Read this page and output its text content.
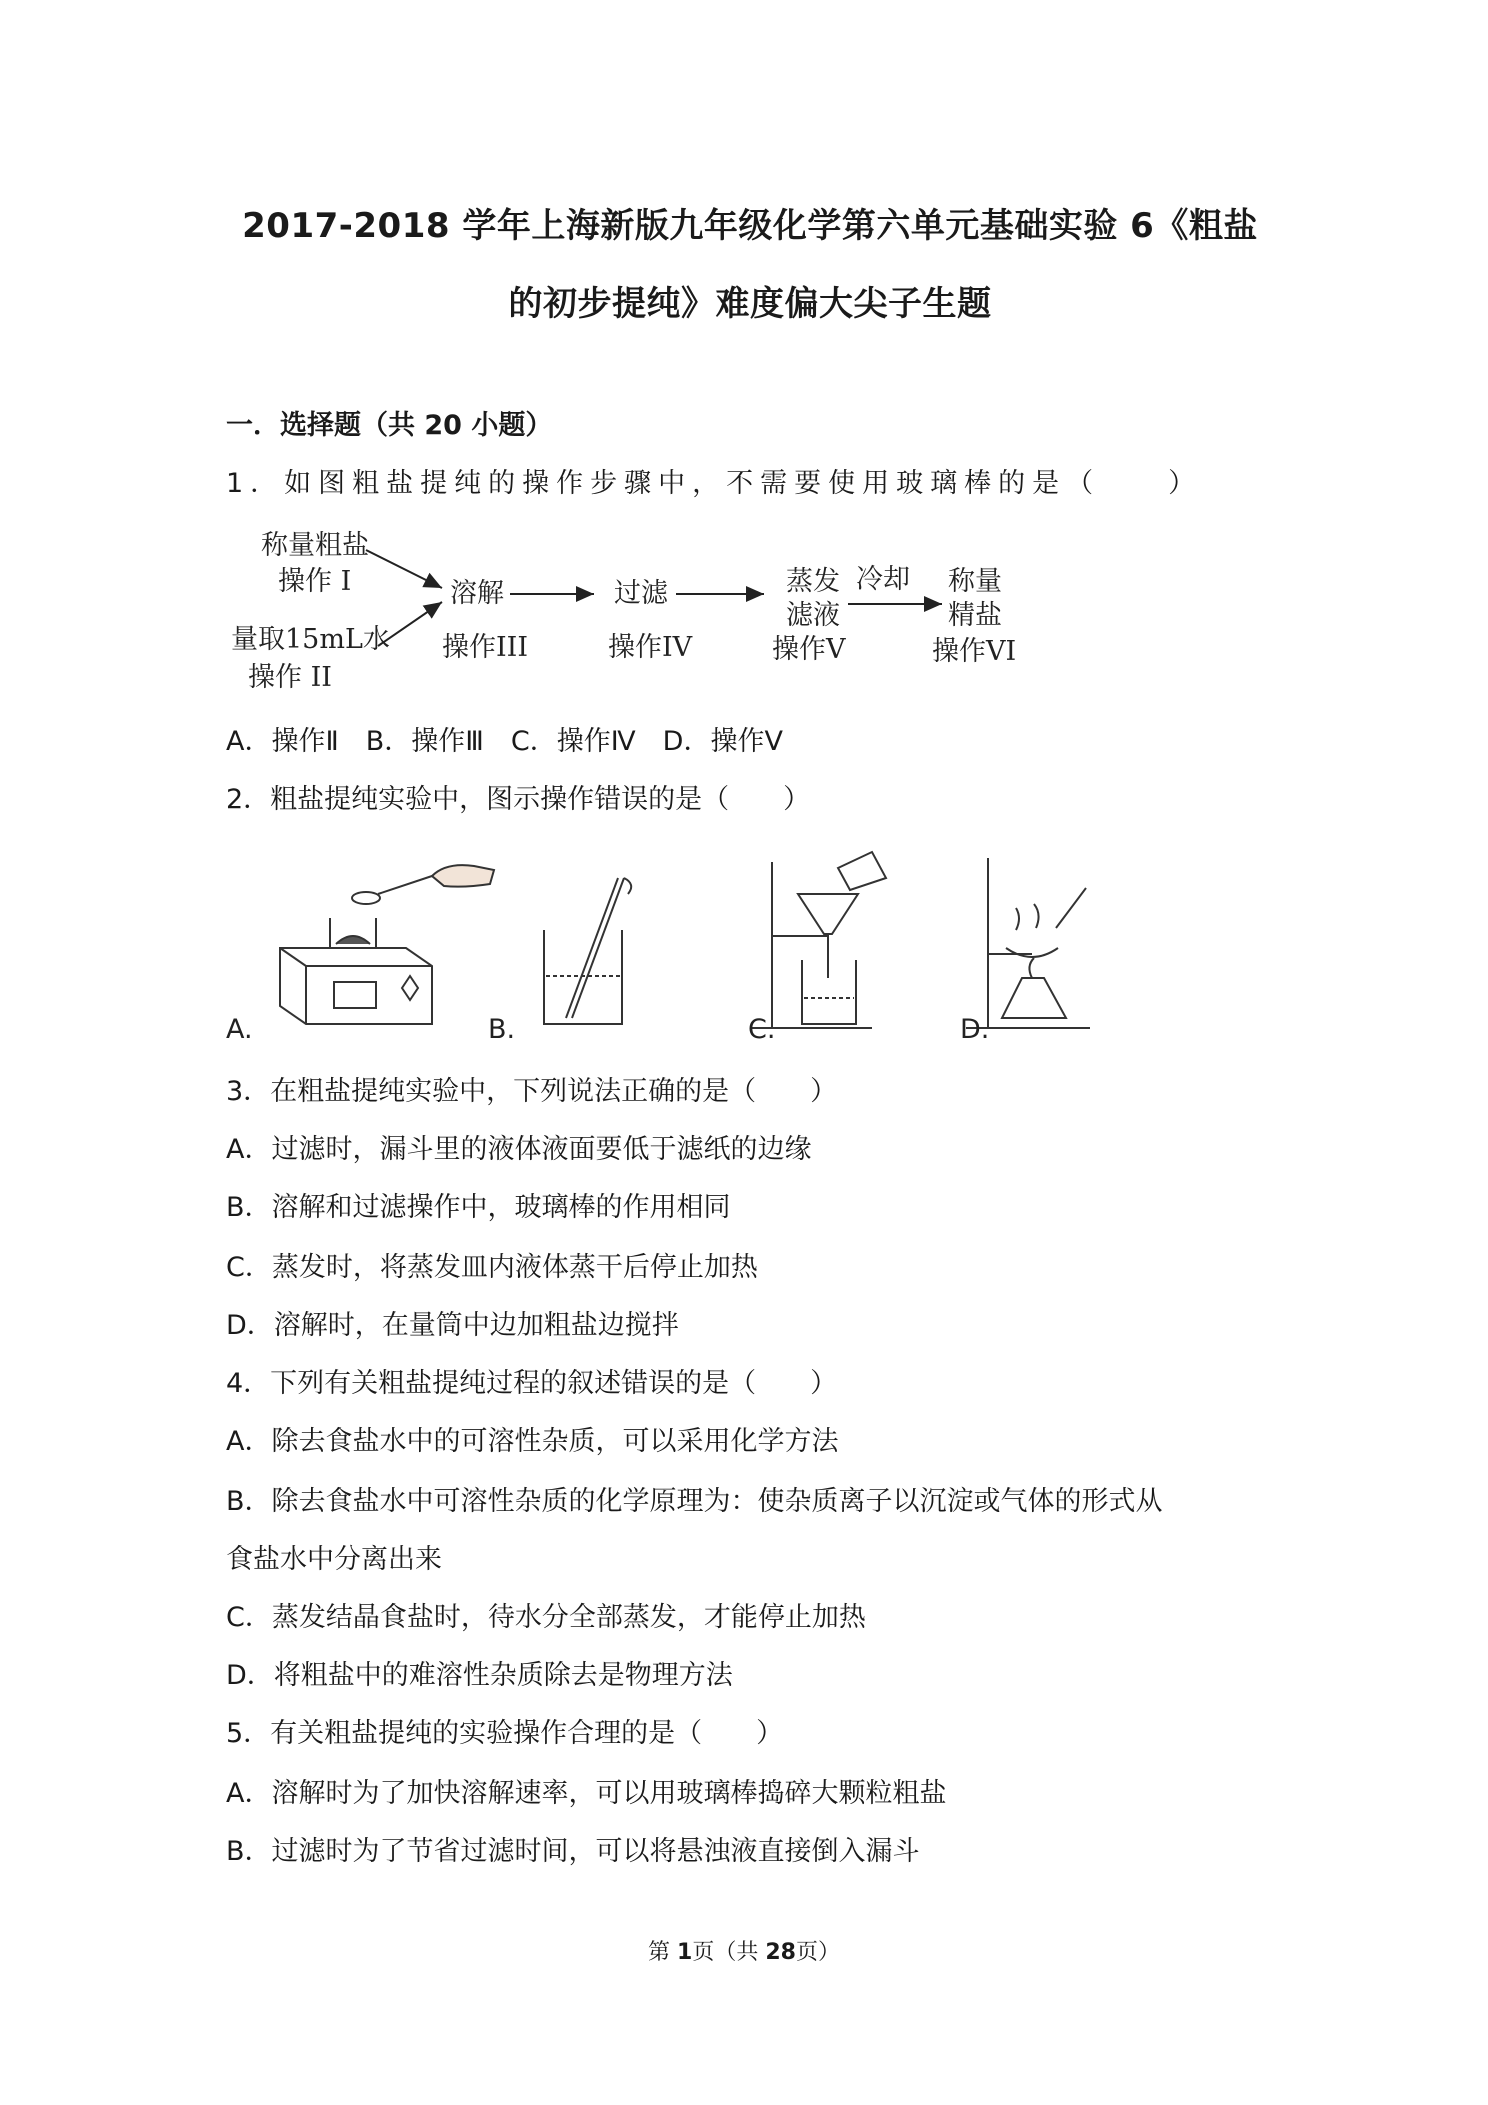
2017-2018 学年上海新版九年级化学第六单元基础实验 6《粗盐
的初步提纯》难度偏大尖子生题
一．选择题（共 20 小题）
1．如图粗盐提纯的操作步骤中，不需要使用玻璃棒的是（　　）
称量粗盐
操作 I
量取15mL水
操作 II
溶解
操作III
过滤
操作IV
蒸发
滤液
操作V
冷却 称量
精盐
操作VI
A．操作Ⅱ　B．操作Ⅲ　C．操作Ⅳ　D．操作Ⅴ
2．粗盐提纯实验中，图示操作错误的是（　　）
A.	B.	C.	D.
3．在粗盐提纯实验中，下列说法正确的是（　　）
A．过滤时，漏斗里的液体液面要低于滤纸的边缘
B．溶解和过滤操作中，玻璃棒的作用相同
C．蒸发时，将蒸发皿内液体蒸干后停止加热
D．溶解时，在量筒中边加粗盐边搅拌
4．下列有关粗盐提纯过程的叙述错误的是（　　）
A．除去食盐水中的可溶性杂质，可以采用化学方法
B．除去食盐水中可溶性杂质的化学原理为：使杂质离子以沉淀或气体的形式从
食盐水中分离出来
C．蒸发结晶食盐时，待水分全部蒸发，才能停止加热
D．将粗盐中的难溶性杂质除去是物理方法
5．有关粗盐提纯的实验操作合理的是（　　）
A．溶解时为了加快溶解速率，可以用玻璃棒捣碎大颗粒粗盐
B．过滤时为了节省过滤时间，可以将悬浊液直接倒入漏斗
第 1页（共 28页）
